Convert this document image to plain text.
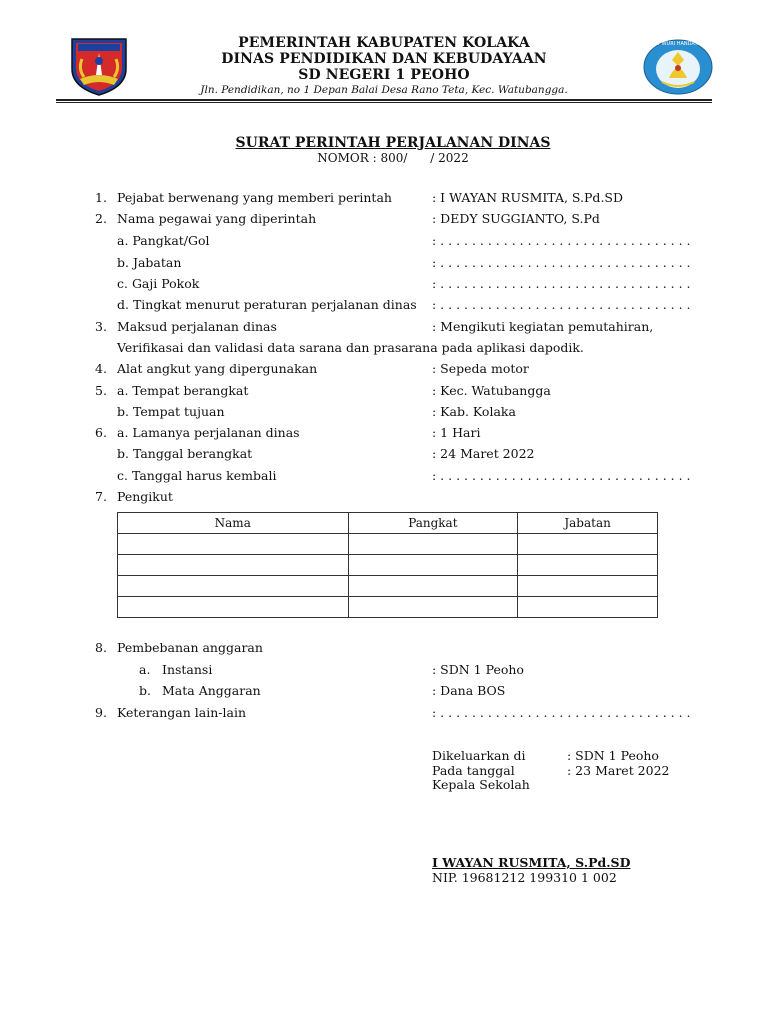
TUT WURI HANDAYANI
PEMERINTAH KABUPATEN KOLAKA
DINAS PENDIDIKAN DAN KEBUDAYAAN
SD NEGERI 1 PEOHO
Jln. Pendidikan, no 1 Depan Balai Desa Rano Teta, Kec. Watubangga.
SURAT PERINTAH PERJALANAN DINAS
NOMOR : 800/      / 2022
1. Pejabat berwenang yang memberi perintah	: I WAYAN RUSMITA, S.Pd.SD
2. Nama pegawai yang diperintah	: DEDY SUGGIANTO, S.Pd
a. Pangkat/Gol	: . . . . . . . . . . . . . . . . . . . . . . . . . . . . . . . .
b. Jabatan	: . . . . . . . . . . . . . . . . . . . . . . . . . . . . . . . .
c. Gaji Pokok	: . . . . . . . . . . . . . . . . . . . . . . . . . . . . . . . .
d. Tingkat menurut peraturan perjalanan dinas : . . . . . . . . . . . . . . . . . . . . . . . . . . . . . . . .
3. Maksud perjalanan dinas	: Mengikuti kegiatan pemutahiran,
Verifikasai dan validasi data sarana dan prasarana pada aplikasi dapodik.
4. Alat angkut yang dipergunakan	: Sepeda motor
5. a. Tempat berangkat	: Kec. Watubangga
b. Tempat tujuan	: Kab. Kolaka
6. a. Lamanya perjalanan dinas	: 1 Hari
b. Tanggal berangkat	: 24 Maret 2022
c. Tanggal harus kembali	: . . . . . . . . . . . . . . . . . . . . . . . . . . . . . . . .
7. Pengikut
Nama	Pangkat	Jabatan

8. Pembebanan anggaran
a. Instansi	: SDN 1 Peoho
b. Mata Anggaran	: Dana BOS
9. Keterangan lain-lain	: . . . . . . . . . . . . . . . . . . . . . . . . . . . . . . . .
Dikeluarkan di	: SDN 1 Peoho
Pada tanggal	: 23 Maret 2022
Kepala Sekolah
I WAYAN RUSMITA, S.Pd.SD
NIP. 19681212 199310 1 002
